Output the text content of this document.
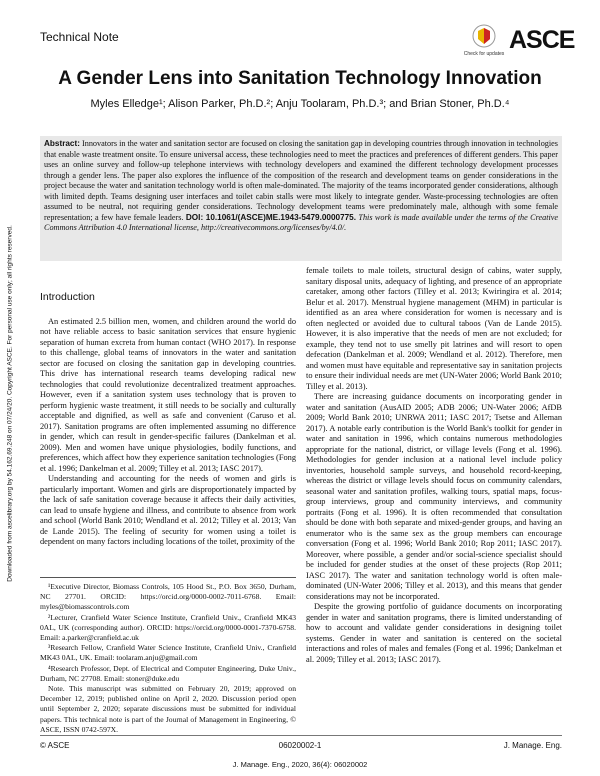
Downloaded from ascelibrary.org by 54.162.69.248 on 07/24/20. Copyright ASCE. For personal use only; all rights reserved.
Technical Note
Check for updates ASCE
A Gender Lens into Sanitation Technology Innovation
Myles Elledge¹; Alison Parker, Ph.D.²; Anju Toolaram, Ph.D.³; and Brian Stoner, Ph.D.⁴
Abstract: Innovators in the water and sanitation sector are focused on closing the sanitation gap in developing countries through innovation in technologies that enable waste treatment onsite. To ensure universal access, these technologies need to meet the practices and preferences of different genders. This paper uses an online survey and follow-up telephone interviews with technology developers and examined the different technology development processes through a gender lens. The paper also explores the influence of the composition of the research and development teams on gender considerations in the project because the water and sanitation technology world is often male-dominated. The majority of the teams incorporated gender considerations, although with limited depth. Teams designing user interfaces and toilet cabin stalls were most likely to integrate gender. Waste-processing technologies are often assumed to be neutral, not requiring gender considerations. Technology development teams were predominately male, although with some female representation; a few have female leaders. DOI: 10.1061/(ASCE)ME.1943-5479.0000775. This work is made available under the terms of the Creative Commons Attribution 4.0 International license, http://creativecommons.org/licenses/by/4.0/.
Introduction

An estimated 2.5 billion men, women, and children around the world do not have reliable access to basic sanitation services that ensure hygienic separation of human excreta from human contact (WHO 2017). In response to this challenge, global teams of innovators in the water and sanitation sector are focused on closing the sanitation gap in developing countries. This drive has international research teams developing radical new technologies that could revolutionize decentralized treatment approaches. However, even if a sanitation system uses technology that is proven to perform hygienic waste treatment, it still needs to be socially and culturally acceptable and dignified, as well as safe and convenient (Caruso et al. 2017). Sanitation programs are often implemented assuming no difference in gender, which can result in gender-specific failures (Dankelman et al. 2009). Men and women have unique physiologies, bodily functions, and preferences, which affect how they experience sanitation technologies (Fong et al. 1996; Dankelman et al. 2009; Tilley et al. 2013; IASC 2017).

Understanding and accounting for the needs of women and girls is particularly important. Women and girls are disproportionately impacted by the lack of safe sanitation coverage because it affects their daily activities, can lead to unsafe hygiene and illness, and contribute to absence from work and school (World Bank 2010; Wendland et al. 2012; Tilley et al. 2013; Van de Lande 2015). The feeling of security for women using a toilet is dependent on many factors including locations of the toilet, proximity of the

¹Executive Director, Biomass Controls, 105 Hood St., P.O. Box 3650, Durham, NC 27701. ORCID: https://orcid.org/0000-0002-7011-6768. Email: myles@biomasscontrols.com

²Lecturer, Cranfield Water Science Institute, Cranfield Univ., Cranfield MK43 0AL, UK (corresponding author). ORCID: https://orcid.org/0000-0001-7370-6758. Email: a.parker@cranfield.ac.uk

³Research Fellow, Cranfield Water Science Institute, Cranfield Univ., Cranfield MK43 0AL, UK. Email: toolaram.anju@gmail.com

⁴Research Professor, Dept. of Electrical and Computer Engineering, Duke Univ., Durham, NC 27708. Email: stoner@duke.edu

Note. This manuscript was submitted on February 20, 2019; approved on December 12, 2019; published online on April 2, 2020. Discussion period open until September 2, 2020; separate discussions must be submitted for individual papers. This technical note is part of the Journal of Management in Engineering, © ASCE, ISSN 0742-597X.

female toilets to male toilets, structural design of cabins, water supply, sanitary disposal units, adequacy of lighting, and presence of an appropriate caretaker, among other factors (Tilley et al. 2013; Kwiringira et al. 2014; Belur et al. 2017). Menstrual hygiene management (MHM) in particular is identified as an area where consideration for women is necessary and is often neglected or avoided due to cultural taboos (Van de Lande 2015). However, it is also imperative that the needs of men are not excluded; for example, they tend not to use smelly pit latrines and will resort to open defecation (Dankelman et al. 2009; Wendland et al. 2012). Therefore, men and women must have equitable and representative say in sanitation projects to ensure their individual needs are met (UN-Water 2006; World Bank 2010; Tilley et al. 2013).

There are increasing guidance documents on incorporating gender in water and sanitation (AusAID 2005; ADB 2006; UN-Water 2006; AfDB 2009; World Bank 2010; UNRWA 2011; IASC 2017; Tsetse and Alleman 2017). A notable early contribution is the World Bank's toolkit for gender in water and sanitation in 1996, which contains numerous methodologies appropriate for the national, district, or village levels (Fong et al. 1996). Methodologies for gender inclusion at a national level include policy inventories, household sample surveys, and household record-keeping, whereas the district or village levels should focus on community calendars, seasonal water and sanitation profiles, walking tours, spatial maps, focus-group interviews, group and community interviews, and community portraits (Fong et al. 1996). It is often recommended that consultation should be done with both separate and mixed-gender groups, and having an enumerator who is the same sex as the group members can encourage conversation (Fong et al. 1996; World Bank 2010; Rop 2011; IASC 2017). Moreover, where possible, a gender and/or social-science specialist should be included for gender studies at the onset of these projects (Rop 2011; IASC 2017). The water and sanitation technology world is often male-dominated (UN-Water 2006; Tilley et al. 2013), and this means that gender considerations may not be incorporated.

Despite the growing portfolio of guidance documents on incorporating gender in water and sanitation programs, there is limited understanding of how to account and validate gender considerations in designing toilet systems. Gender in water and sanitation is centered on the societal interactions and roles of males and females (Fong et al. 1996; Dankelman et al. 2009; Tilley et al. 2013; IASC 2017).

© ASCE	06020002-1	J. Manage. Eng.
J. Manage. Eng., 2020, 36(4): 06020002
